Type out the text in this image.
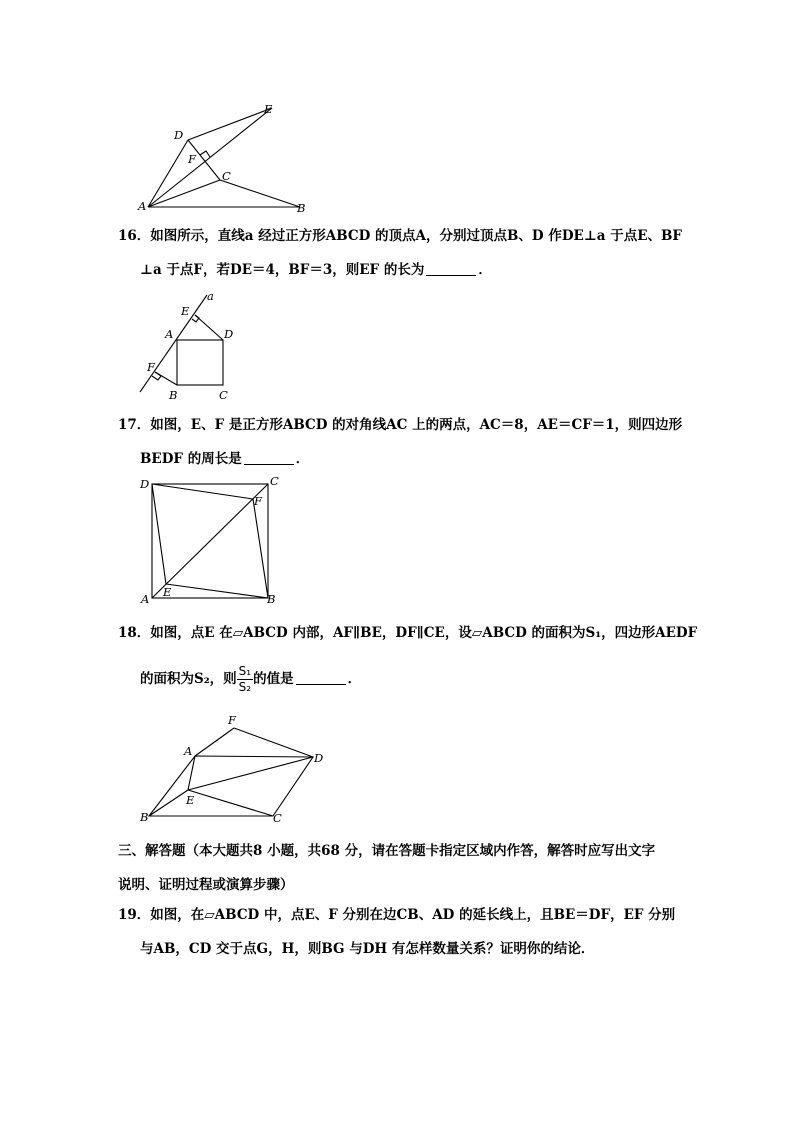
D
E
F
C
A	B
16．如图所示，直线a 经过正方形ABCD 的顶点A，分别过顶点B、D 作DE⊥a 于点E、BF
⊥a 于点F，若DE＝4，BF＝3，则EF 的长为	．
a
E
A	D
F
B	C
17．如图，E、F 是正方形ABCD 的对角线AC 上的两点，AC＝8，AE＝CF＝1，则四边形
BEDF 的周长是	．
D	C
F
A E	B
18．如图，点E 在▱ABCD 内部，AF∥BE，DF∥CE，设▱ABCD 的面积为S₁，四边形AEDF
的面积为S₂，则 $\frac{\text{S₁}}{\text{S₂}}$ 的值是	．
F
A	D
E
B	C
三、解答题（本大题共8 小题，共68 分，请在答题卡指定区域内作答，解答时应写出文字
说明、证明过程或演算步骤）
19．如图，在▱ABCD 中，点E、F 分别在边CB、AD 的延长线上，且BE＝DF，EF 分别
与AB，CD 交于点G，H，则BG 与DH 有怎样数量关系？证明你的结论．
